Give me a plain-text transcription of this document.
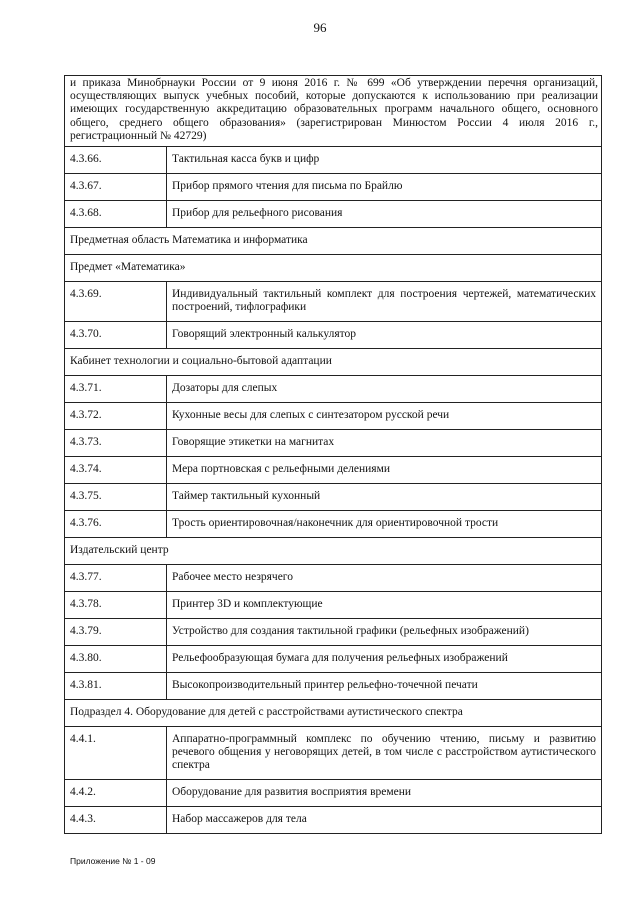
96
и приказа Минобрнауки России от 9 июня 2016 г. № 699 «Об утверждении перечня организаций, осуществляющих выпуск учебных пособий, которые допускаются к использованию при реализации имеющих государственную аккредитацию образовательных программ начального общего, основного общего, среднего общего образования» (зарегистрирован Минюстом России 4 июля 2016 г., регистрационный № 42729)	
4.3.66.	Тактильная касса букв и цифр
4.3.67.	Прибор прямого чтения для письма по Брайлю
4.3.68.	Прибор для рельефного рисования
Предметная область Математика и информатика	
Предмет «Математика»	
4.3.69.	Индивидуальный тактильный комплект для построения чертежей, математических построений, тифлографики
4.3.70.	Говорящий электронный калькулятор
Кабинет технологии и социально-бытовой адаптации	
4.3.71.	Дозаторы для слепых
4.3.72.	Кухонные весы для слепых с синтезатором русской речи
4.3.73.	Говорящие этикетки на магнитах
4.3.74.	Мера портновская с рельефными делениями
4.3.75.	Таймер тактильный кухонный
4.3.76.	Трость ориентировочная/наконечник для ориентировочной трости
Издательский центр	
4.3.77.	Рабочее место незрячего
4.3.78.	Принтер 3D и комплектующие
4.3.79.	Устройство для создания тактильной графики (рельефных изображений)
4.3.80.	Рельефообразующая бумага для получения рельефных изображений
4.3.81.	Высокопроизводительный принтер рельефно-точечной печати
Подраздел 4. Оборудование для детей с расстройствами аутистического спектра	
4.4.1.	Аппаратно-программный комплекс по обучению чтению, письму и развитию речевого общения у неговорящих детей, в том числе с расстройством аутистического спектра
4.4.2.	Оборудование для развития восприятия времени
4.4.3.	Набор массажеров для тела
Приложение № 1 - 09
